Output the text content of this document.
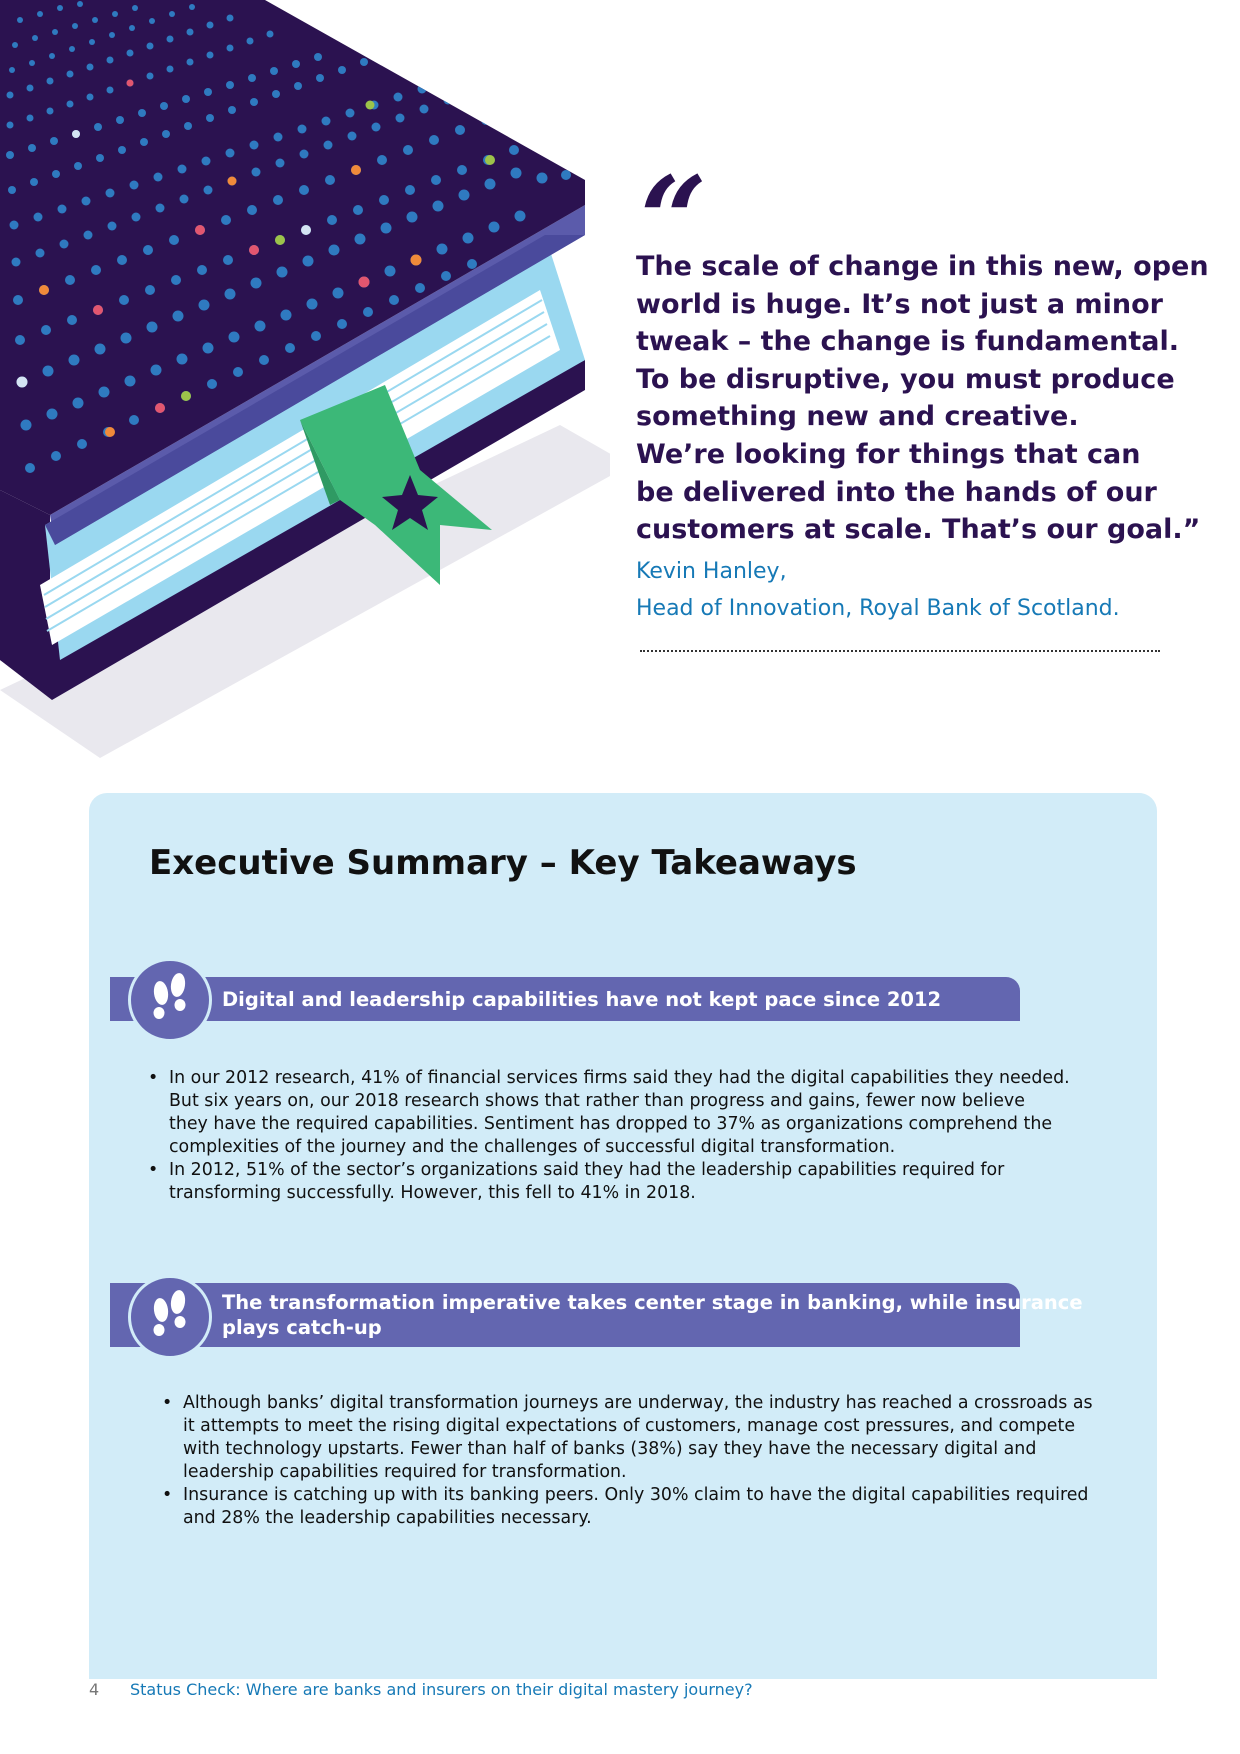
“
The scale of change in this new, open
world is huge. It’s not just a minor
tweak – the change is fundamental.
To be disruptive, you must produce
something new and creative.
We’re looking for things that can
be delivered into the hands of our
customers at scale. That’s our goal.”
Kevin Hanley,
Head of Innovation, Royal Bank of Scotland.
Executive Summary – Key Takeaways
Digital and leadership capabilities have not kept pace since 2012
• In our 2012 research, 41% of financial services firms said they had the digital capabilities they needed.
But six years on, our 2018 research shows that rather than progress and gains, fewer now believe
they have the required capabilities. Sentiment has dropped to 37% as organizations comprehend the
complexities of the journey and the challenges of successful digital transformation.
• In 2012, 51% of the sector’s organizations said they had the leadership capabilities required for
transforming successfully. However, this fell to 41% in 2018.
The transformation imperative takes center stage in banking, while insurance
plays catch-up
• Although banks’ digital transformation journeys are underway, the industry has reached a crossroads as
it attempts to meet the rising digital expectations of customers, manage cost pressures, and compete
with technology upstarts. Fewer than half of banks (38%) say they have the necessary digital and
leadership capabilities required for transformation.
• Insurance is catching up with its banking peers. Only 30% claim to have the digital capabilities required
and 28% the leadership capabilities necessary.
4 Status Check: Where are banks and insurers on their digital mastery journey?
